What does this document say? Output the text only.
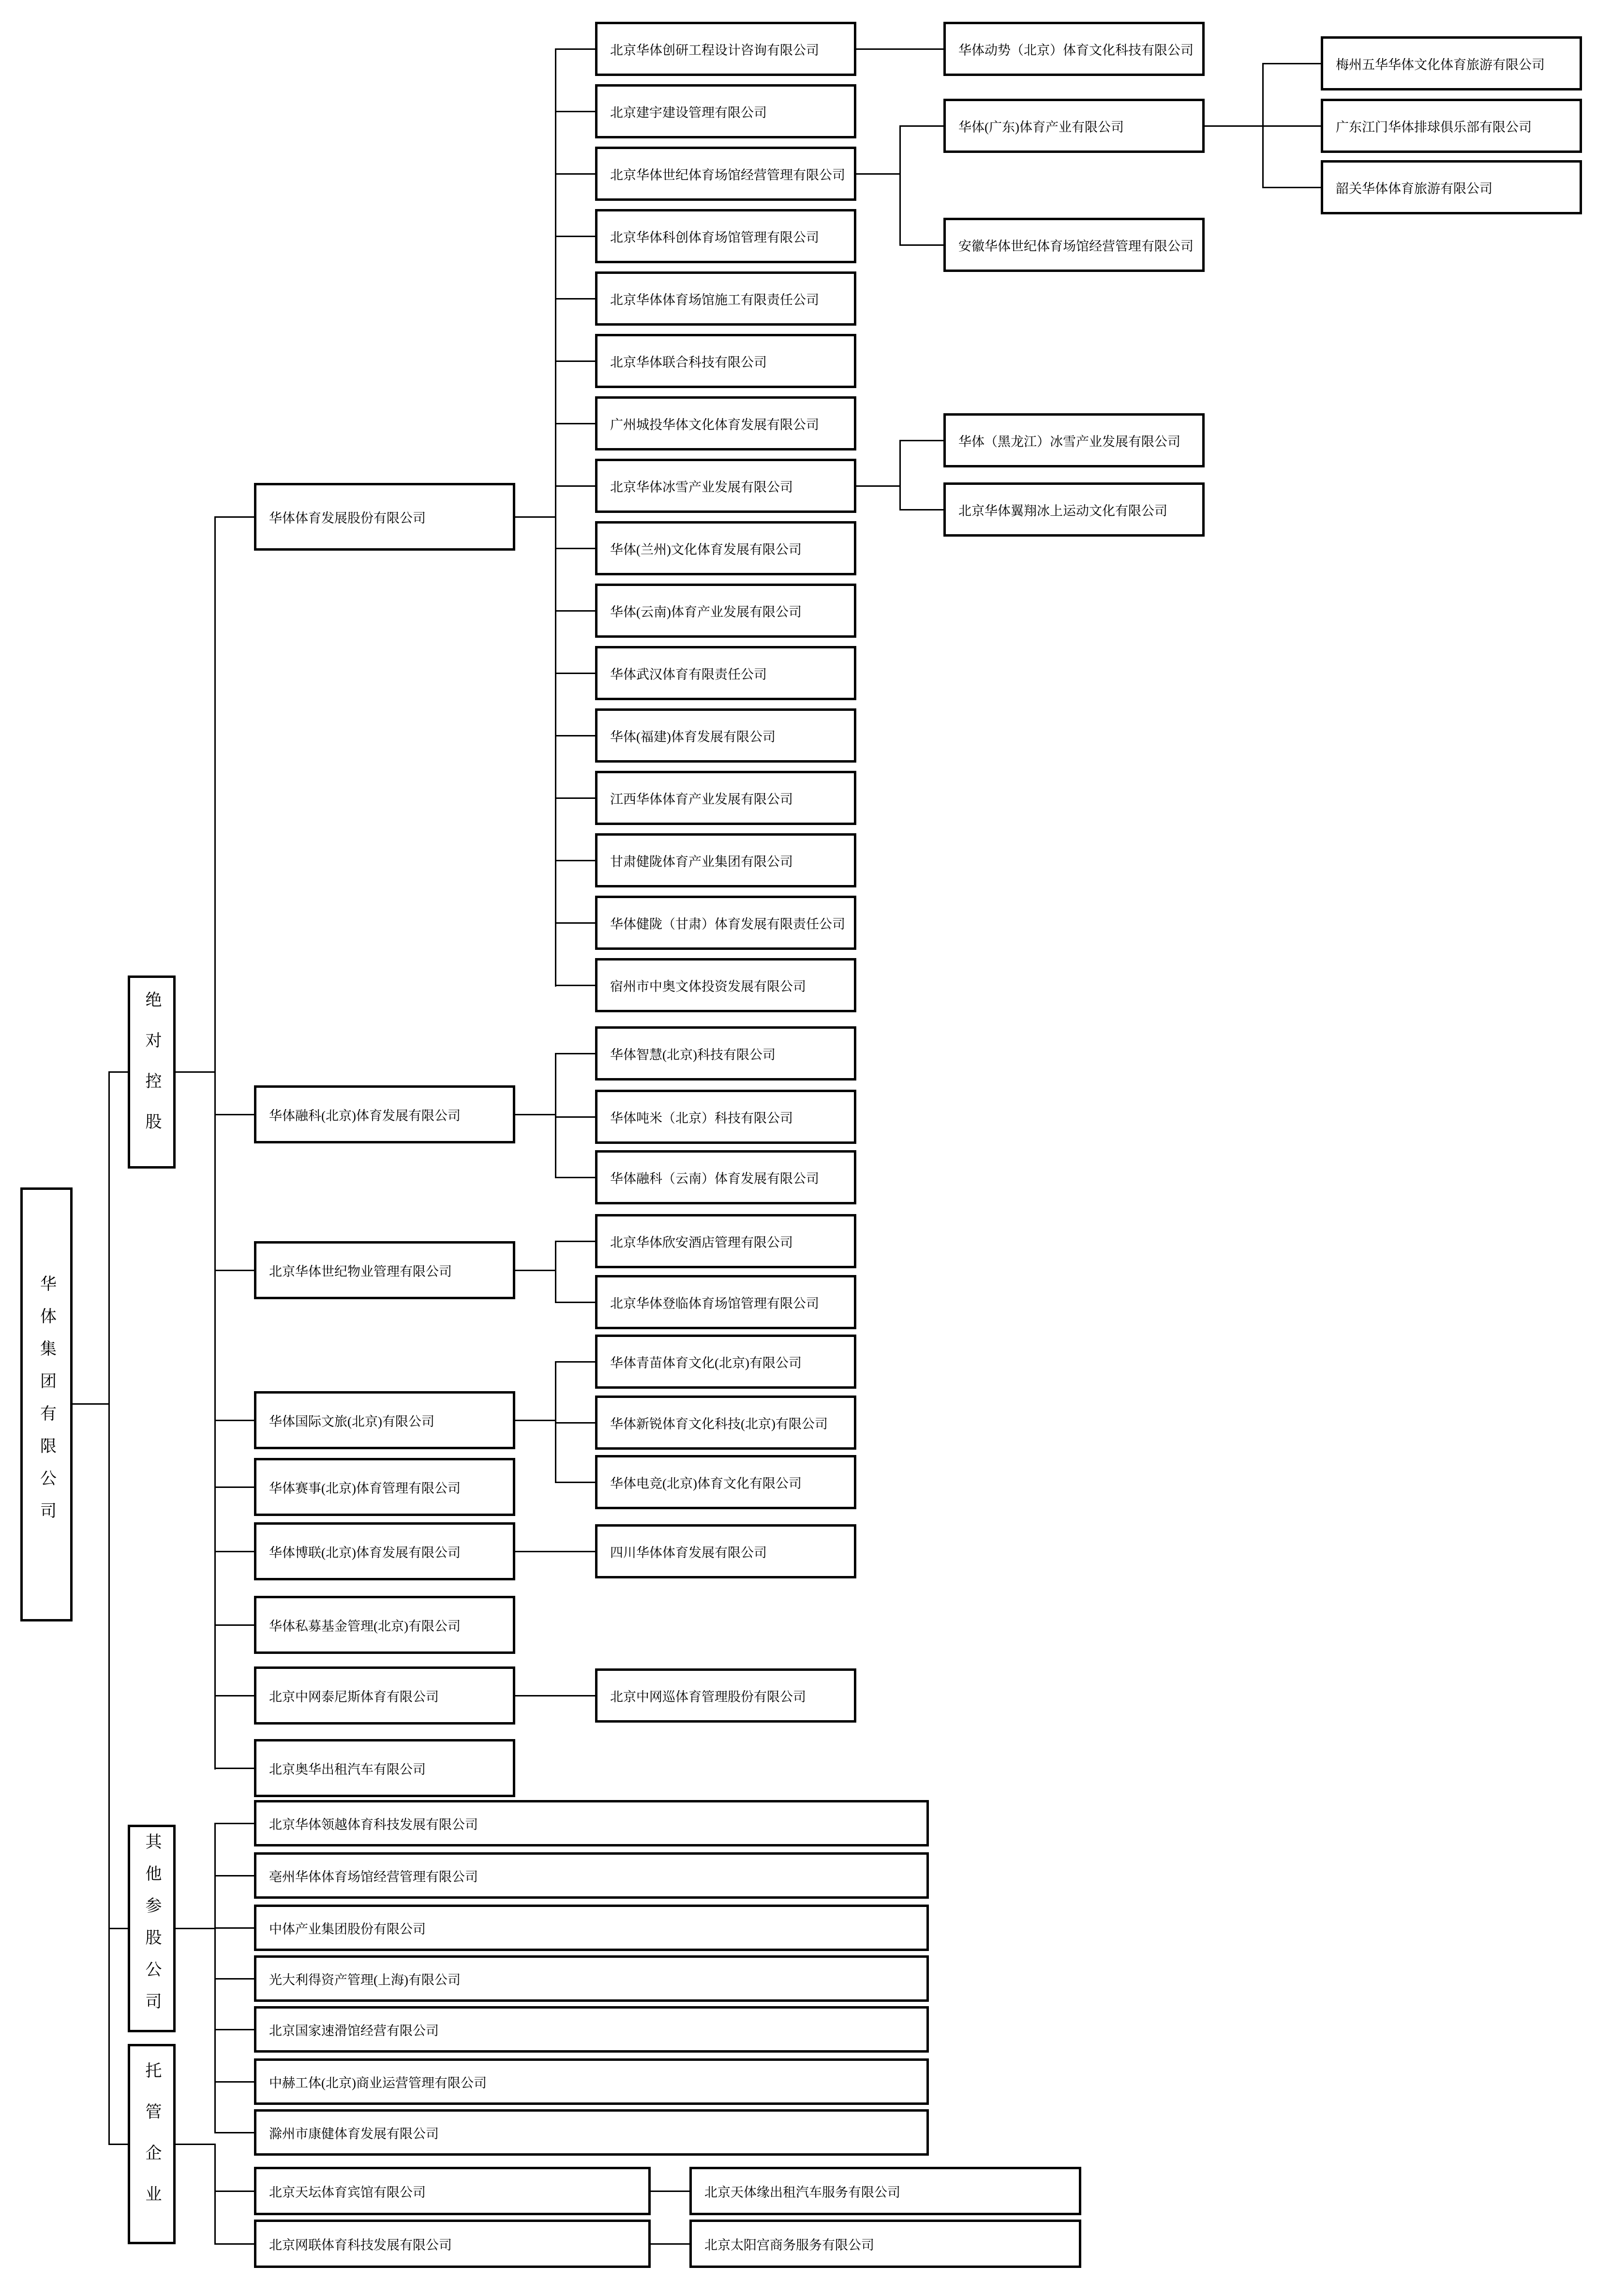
华体集团有限公司
绝对控股
其他参股公司
托管企业
华体体育发展股份有限公司
华体融科(北京)体育发展有限公司
北京华体世纪物业管理有限公司
华体国际文旅(北京)有限公司
华体赛事(北京)体育管理有限公司
华体博联(北京)体育发展有限公司
华体私募基金管理(北京)有限公司
北京中网泰尼斯体育有限公司
北京奥华出租汽车有限公司
北京华体创研工程设计咨询有限公司
北京建宇建设管理有限公司
北京华体世纪体育场馆经营管理有限公司
北京华体科创体育场馆管理有限公司
北京华体体育场馆施工有限责任公司
北京华体联合科技有限公司
广州城投华体文化体育发展有限公司
北京华体冰雪产业发展有限公司
华体(兰州)文化体育发展有限公司
华体(云南)体育产业发展有限公司
华体武汉体育有限责任公司
华体(福建)体育发展有限公司
江西华体体育产业发展有限公司
甘肃健陇体育产业集团有限公司
华体健陇（甘肃）体育发展有限责任公司
宿州市中奥文体投资发展有限公司
华体动势（北京）体育文化科技有限公司
华体(广东)体育产业有限公司
安徽华体世纪体育场馆经营管理有限公司
华体（黑龙江）冰雪产业发展有限公司
北京华体翼翔冰上运动文化有限公司
梅州五华华体文化体育旅游有限公司
广东江门华体排球俱乐部有限公司
韶关华体体育旅游有限公司
华体智慧(北京)科技有限公司
华体吨米（北京）科技有限公司
华体融科（云南）体育发展有限公司
北京华体欣安酒店管理有限公司
北京华体登临体育场馆管理有限公司
华体青苗体育文化(北京)有限公司
华体新锐体育文化科技(北京)有限公司
华体电竞(北京)体育文化有限公司
四川华体体育发展有限公司
北京中网巡体育管理股份有限公司
北京华体领越体育科技发展有限公司
亳州华体体育场馆经营管理有限公司
中体产业集团股份有限公司
光大利得资产管理(上海)有限公司
北京国家速滑馆经营有限公司
中赫工体(北京)商业运营管理有限公司
滁州市康健体育发展有限公司
北京天坛体育宾馆有限公司
北京网联体育科技发展有限公司
北京天体缘出租汽车服务有限公司
北京太阳宫商务服务有限公司
